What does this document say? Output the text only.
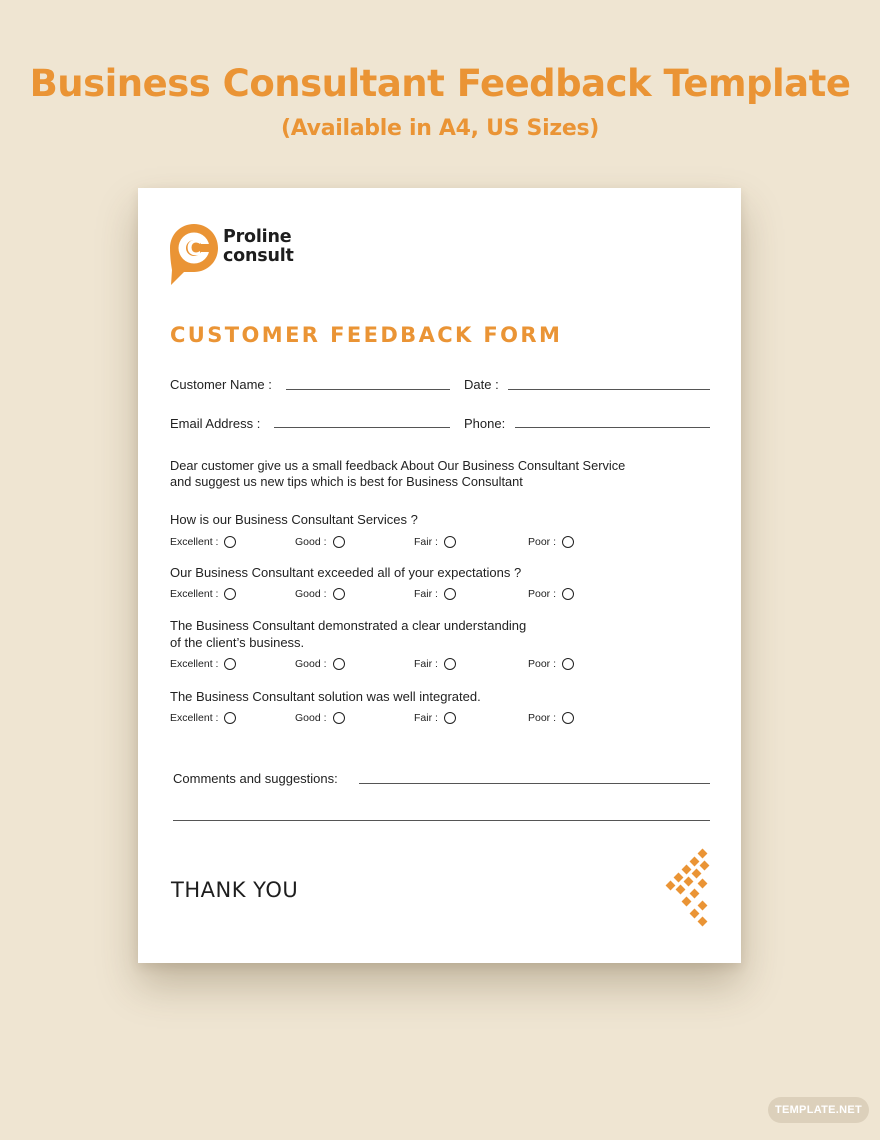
Business Consultant Feedback Template
(Available in A4, US Sizes)
C Proline
consult
CUSTOMER FEEDBACK FORM
Customer Name :	Date :
Email Address :	Phone:
Dear customer give us a small feedback About Our Business Consultant Service
and suggest us new tips which is best for Business Consultant
How is our Business Consultant Services ?
Excellent :	Good :	Fair :	Poor :
Our Business Consultant exceeded all of your expectations ?
Excellent :	Good :	Fair :	Poor :
The Business Consultant demonstrated a clear understanding
of the client’s business.
Excellent :	Good :	Fair :	Poor :
The Business Consultant solution was well integrated.
Excellent :	Good :	Fair :	Poor :
Comments and suggestions:
THANK YOU
TEMPLATE.NET
